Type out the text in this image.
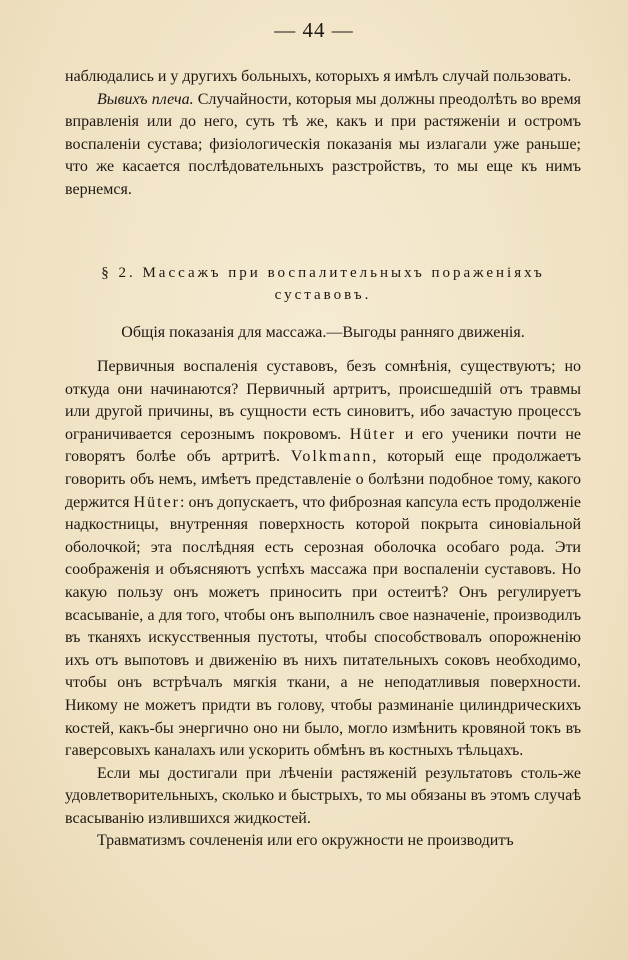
— 44 —

наблюдались и у другихъ больныхъ, которыхъ я имѣлъ случай пользовать.

Вывихъ плеча. Случайности, которыя мы должны преодолѣть во время вправленія или до него, суть тѣ же, какъ и при растяженіи и остромъ воспаленіи сустава; физіологическія показанія мы излагали уже раньше; что же касается послѣдовательныхъ разстройствъ, то мы еще къ нимъ вернемся.

§ 2. Массажъ при воспалительныхъ пораженіяхъ суставовъ.
Общія показанія для массажа.—Выгоды ранняго движенія.

Первичныя воспаленія суставовъ, безъ сомнѣнія, существуютъ; но откуда они начинаются? Первичный артритъ, происшедшій отъ травмы или другой причины, въ сущности есть синовитъ, ибо зачастую процессъ ограничивается серознымъ покровомъ. Hüter и его ученики почти не говорятъ болѣе объ артритѣ. Volkmann, который еще продолжаетъ говорить объ немъ, имѣетъ представленіе о болѣзни подобное тому, какого держится Hüter: онъ допускаетъ, что фиброзная капсула есть продолженіе надкостницы, внутренняя поверхность которой покрыта синовіальной оболочкой; эта послѣдняя есть серозная оболочка особаго рода. Эти соображенія и объясняютъ успѣхъ массажа при воспаленіи суставовъ. Но какую пользу онъ можетъ приносить при остеитѣ? Онъ регулируетъ всасываніе, а для того, чтобы онъ выполнилъ свое назначеніе, производилъ въ тканяхъ искусственныя пустоты, чтобы способствовалъ опорожненію ихъ отъ выпотовъ и движенію въ нихъ питательныхъ соковъ необходимо, чтобы онъ встрѣчалъ мягкія ткани, а не неподатливыя поверхности. Никому не можетъ придти въ голову, чтобы разминаніе цилиндрическихъ костей, какъ-бы энергично оно ни было, могло измѣнить кровяной токъ въ гаверсовыхъ каналахъ или ускорить обмѣнъ въ костныхъ тѣльцахъ.

Если мы достигали при лѣченіи растяженій результатовъ столь-же удовлетворительныхъ, сколько и быстрыхъ, то мы обязаны въ этомъ случаѣ всасыванію излившихся жидкостей.

Травматизмъ сочлененія или его окружности не производитъ
